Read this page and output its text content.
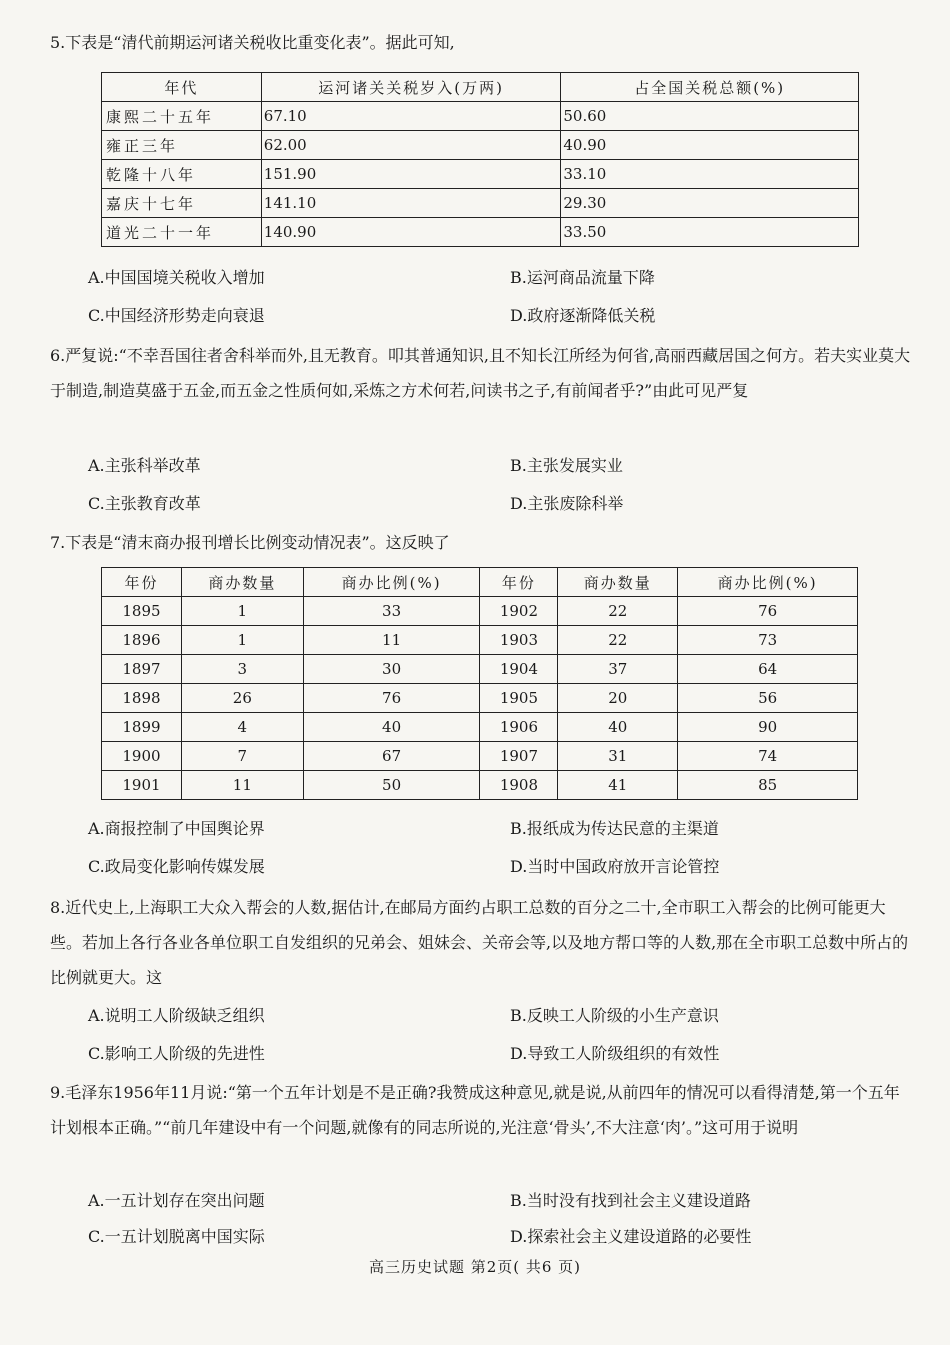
5.下表是“清代前期运河诸关税收比重变化表”。据此可知,

年代	运河诸关关税岁入(万两)	占全国关税总额(%)
康熙二十五年	67.10	50.60
雍正三年	62.00	40.90
乾隆十八年	151.90	33.10
嘉庆十七年	141.10	29.30
道光二十一年	140.90	33.50
A.中国国境关税收入增加	B.运河商品流量下降
C.中国经济形势走向衰退	D.政府逐渐降低关税

6.严复说:“不幸吾国往者舍科举而外,且无教育。叩其普通知识,且不知长江所经为何省,高丽西藏居国之何方。若夫实业莫大于制造,制造莫盛于五金,而五金之性质何如,采炼之方术何若,问读书之子,有前闻者乎?”由此可见严复

A.主张科举改革	B.主张发展实业
C.主张教育改革	D.主张废除科举

7.下表是“清末商办报刊增长比例变动情况表”。这反映了

年份	商办数量	商办比例(%)	年份	商办数量	商办比例(%)
1895	1	33	1902	22	76
1896	1	11	1903	22	73
1897	3	30	1904	37	64
1898	26	76	1905	20	56
1899	4	40	1906	40	90
1900	7	67	1907	31	74
1901	11	50	1908	41	85
A.商报控制了中国舆论界	B.报纸成为传达民意的主渠道
C.政局变化影响传媒发展	D.当时中国政府放开言论管控

8.近代史上,上海职工大众入帮会的人数,据估计,在邮局方面约占职工总数的百分之二十,全市职工入帮会的比例可能更大些。若加上各行各业各单位职工自发组织的兄弟会、姐妹会、关帝会等,以及地方帮口等的人数,那在全市职工总数中所占的比例就更大。这

A.说明工人阶级缺乏组织	B.反映工人阶级的小生产意识
C.影响工人阶级的先进性	D.导致工人阶级组织的有效性

9.毛泽东1956年11月说:“第一个五年计划是不是正确?我赞成这种意见,就是说,从前四年的情况可以看得清楚,第一个五年计划根本正确。”“前几年建设中有一个问题,就像有的同志所说的,光注意‘骨头’,不大注意‘肉’。”这可用于说明

A.一五计划存在突出问题	B.当时没有找到社会主义建设道路
C.一五计划脱离中国实际	D.探索社会主义建设道路的必要性
高三历史试题 第2页( 共6 页)
